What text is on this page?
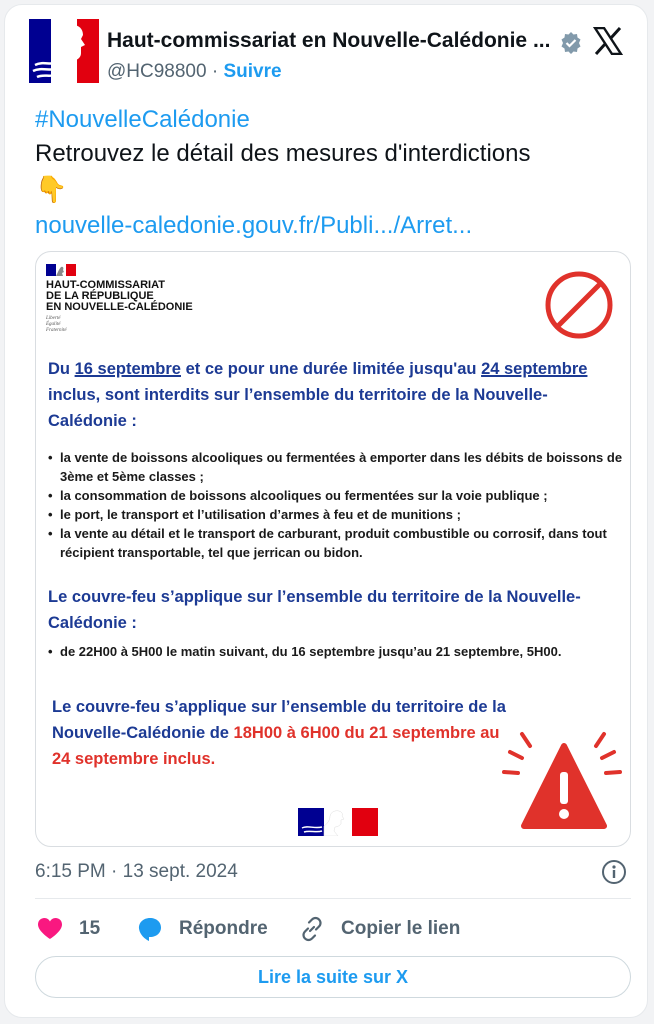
Haut-commissariat en Nouvelle-Calédonie ...
@HC98800 · Suivre
#NouvelleCalédonie
Retrouvez le détail des mesures d'interdictions
👇
nouvelle-caledonie.gouv.fr/Publi.../Arret...
HAUT-COMMISSARIAT
DE LA RÉPUBLIQUE
EN NOUVELLE-CALÉDONIE
Liberté
Égalité
Fraternité
Du 16 septembre et ce pour une durée limitée jusqu'au 24 septembre inclus, sont interdits sur l’ensemble du territoire de la Nouvelle-Calédonie :
• la vente de boissons alcooliques ou fermentées à emporter dans les débits de boissons de 3ème et 5ème classes ;
• la consommation de boissons alcooliques ou fermentées sur la voie publique ;
• le port, le transport et l’utilisation d’armes à feu et de munitions ;
• la vente au détail et le transport de carburant, produit combustible ou corrosif, dans tout récipient transportable, tel que jerrican ou bidon.
Le couvre-feu s’applique sur l’ensemble du territoire de la Nouvelle-Calédonie :
• de 22H00 à 5H00 le matin suivant, du 16 septembre jusqu’au 21 septembre, 5H00.
Le couvre-feu s’applique sur l’ensemble du territoire de la Nouvelle-Calédonie de 18H00 à 6H00 du 21 septembre au 24 septembre inclus.
6:15 PM · 13 sept. 2024
15	Répondre	Copier le lien
Lire la suite sur X
